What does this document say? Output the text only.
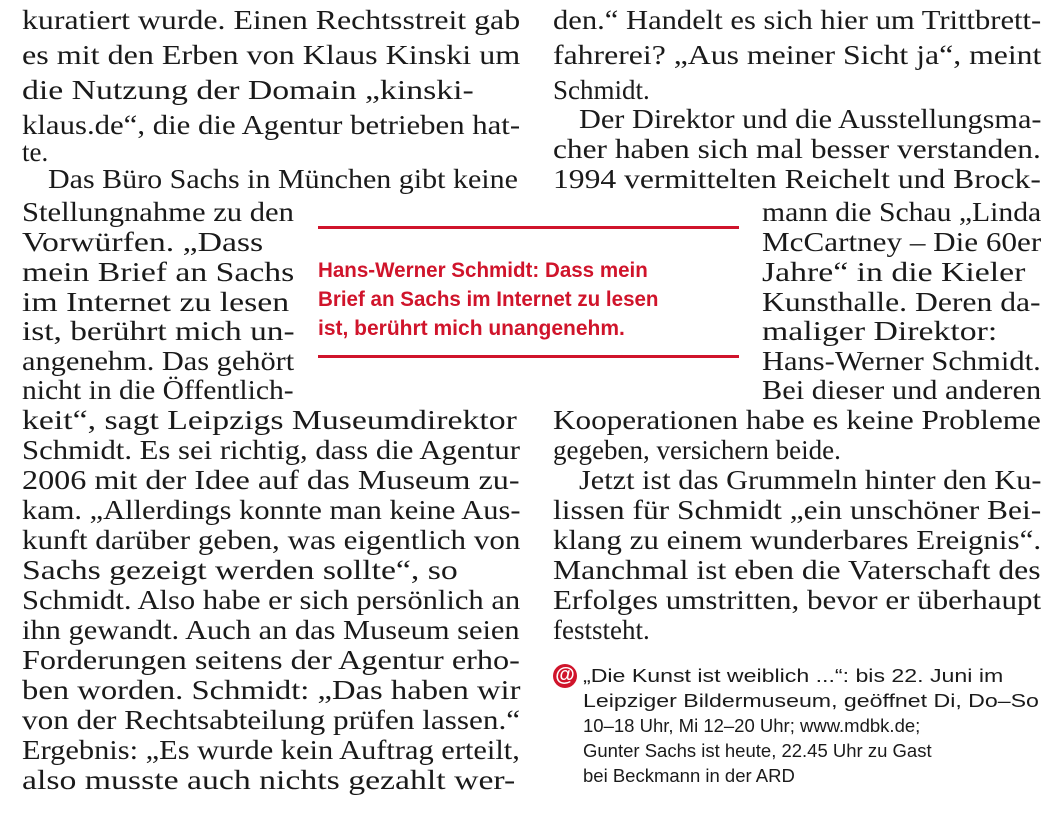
kuratiert wurde. Einen Rechtsstreit gab
es mit den Erben von Klaus Kinski um
die Nutzung der Domain „kinski-
klaus.de“, die die Agentur betrieben hat-
te.
Das Büro Sachs in München gibt keine
Stellungnahme zu den
Vorwürfen. „Dass
mein Brief an Sachs
im Internet zu lesen
ist, berührt mich un-
angenehm. Das gehört
nicht in die Öffentlich-
keit“, sagt Leipzigs Museumdirektor
Schmidt. Es sei richtig, dass die Agentur
2006 mit der Idee auf das Museum zu-
kam. „Allerdings konnte man keine Aus-
kunft darüber geben, was eigentlich von
Sachs gezeigt werden sollte“, so
Schmidt. Also habe er sich persönlich an
ihn gewandt. Auch an das Museum seien
Forderungen seitens der Agentur erho-
ben worden. Schmidt: „Das haben wir
von der Rechtsabteilung prüfen lassen.“
Ergebnis: „Es wurde kein Auftrag erteilt,
also musste auch nichts gezahlt wer-
den.“ Handelt es sich hier um Trittbrett-
fahrerei? „Aus meiner Sicht ja“, meint
Schmidt.
Der Direktor und die Ausstellungsma-
cher haben sich mal besser verstanden.
1994 vermittelten Reichelt und Brock-
mann die Schau „Linda
McCartney – Die 60er
Jahre“ in die Kieler
Kunsthalle. Deren da-
maliger Direktor:
Hans-Werner Schmidt.
Bei dieser und anderen
Kooperationen habe es keine Probleme
gegeben, versichern beide.
Jetzt ist das Grummeln hinter den Ku-
lissen für Schmidt „ein unschöner Bei-
klang zu einem wunderbares Ereignis“.
Manchmal ist eben die Vaterschaft des
Erfolges umstritten, bevor er überhaupt
feststeht.
Hans-Werner Schmidt: Dass mein
Brief an Sachs im Internet zu lesen
ist, berührt mich unangenehm.
@ „Die Kunst ist weiblich ...“: bis 22. Juni im
Leipziger Bildermuseum, geöffnet Di, Do–So
10–18 Uhr, Mi 12–20 Uhr; www.mdbk.de;
Gunter Sachs ist heute, 22.45 Uhr zu Gast
bei Beckmann in der ARD
